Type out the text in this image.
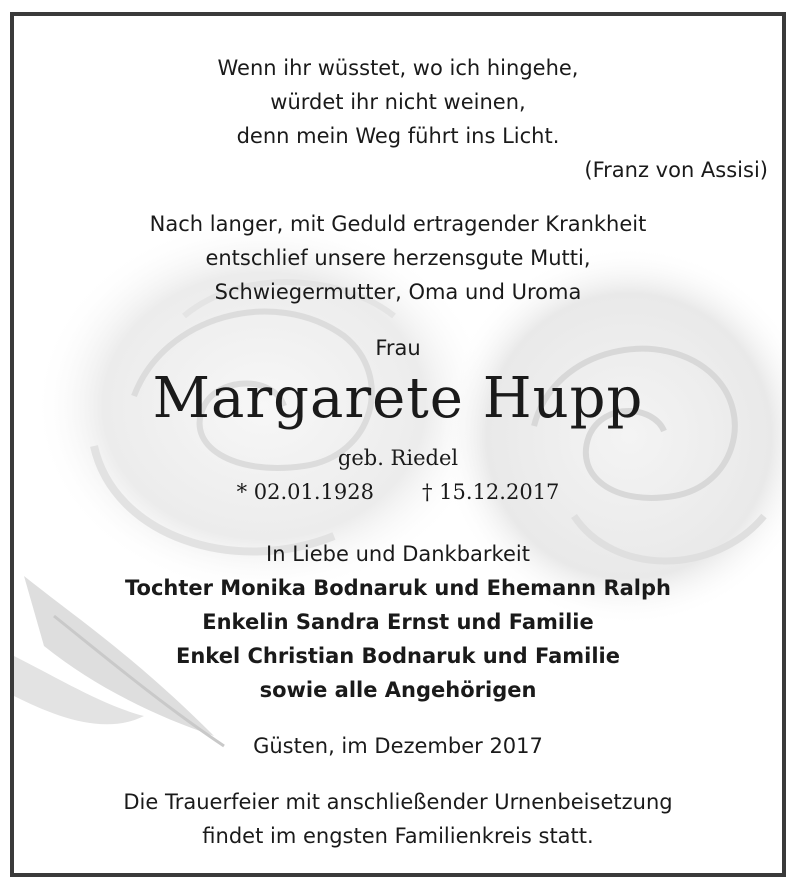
Wenn ihr wüsstet, wo ich hingehe,
würdet ihr nicht weinen,
denn mein Weg führt ins Licht.
(Franz von Assisi)
Nach langer, mit Geduld ertragender Krankheit
entschlief unsere herzensgute Mutti,
Schwiegermutter, Oma und Uroma
Frau
Margarete Hupp
geb. Riedel
* 02.01.1928 † 15.12.2017
In Liebe und Dankbarkeit
Tochter Monika Bodnaruk und Ehemann Ralph
Enkelin Sandra Ernst und Familie
Enkel Christian Bodnaruk und Familie
sowie alle Angehörigen
Güsten, im Dezember 2017
Die Trauerfeier mit anschließender Urnenbeisetzung
findet im engsten Familienkreis statt.
